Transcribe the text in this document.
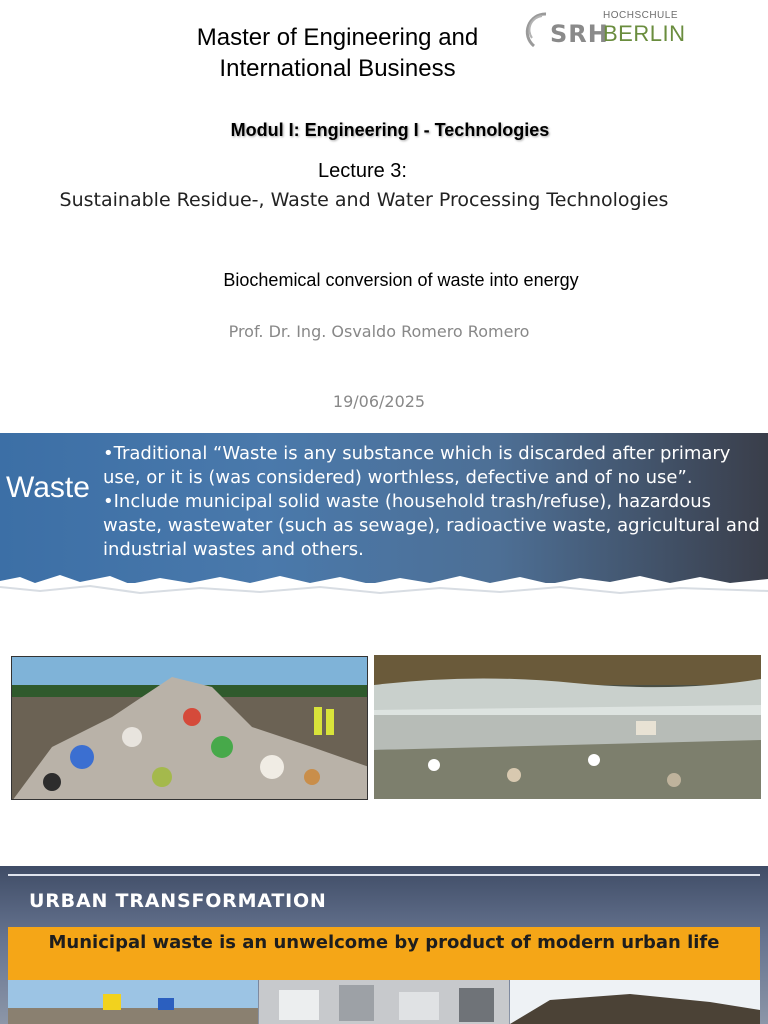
Master of Engineering and International Business
SRH
HOCHSCHULE
BERLIN
Modul I: Engineering I - Technologies
Lecture 3:
Sustainable Residue-, Waste and Water Processing Technologies
Biochemical conversion of waste into energy
Prof. Dr. Ing. Osvaldo Romero Romero
19/06/2025
Waste

•Traditional “Waste is any substance which is discarded after primary use, or it is (was considered) worthless, defective and of no use”.

•Include municipal solid waste (household trash/refuse), hazardous waste, wastewater (such as sewage), radioactive waste, agricultural and industrial wastes and others.

URBAN TRANSFORMATION
Municipal waste is an unwelcome by product of modern urban life
